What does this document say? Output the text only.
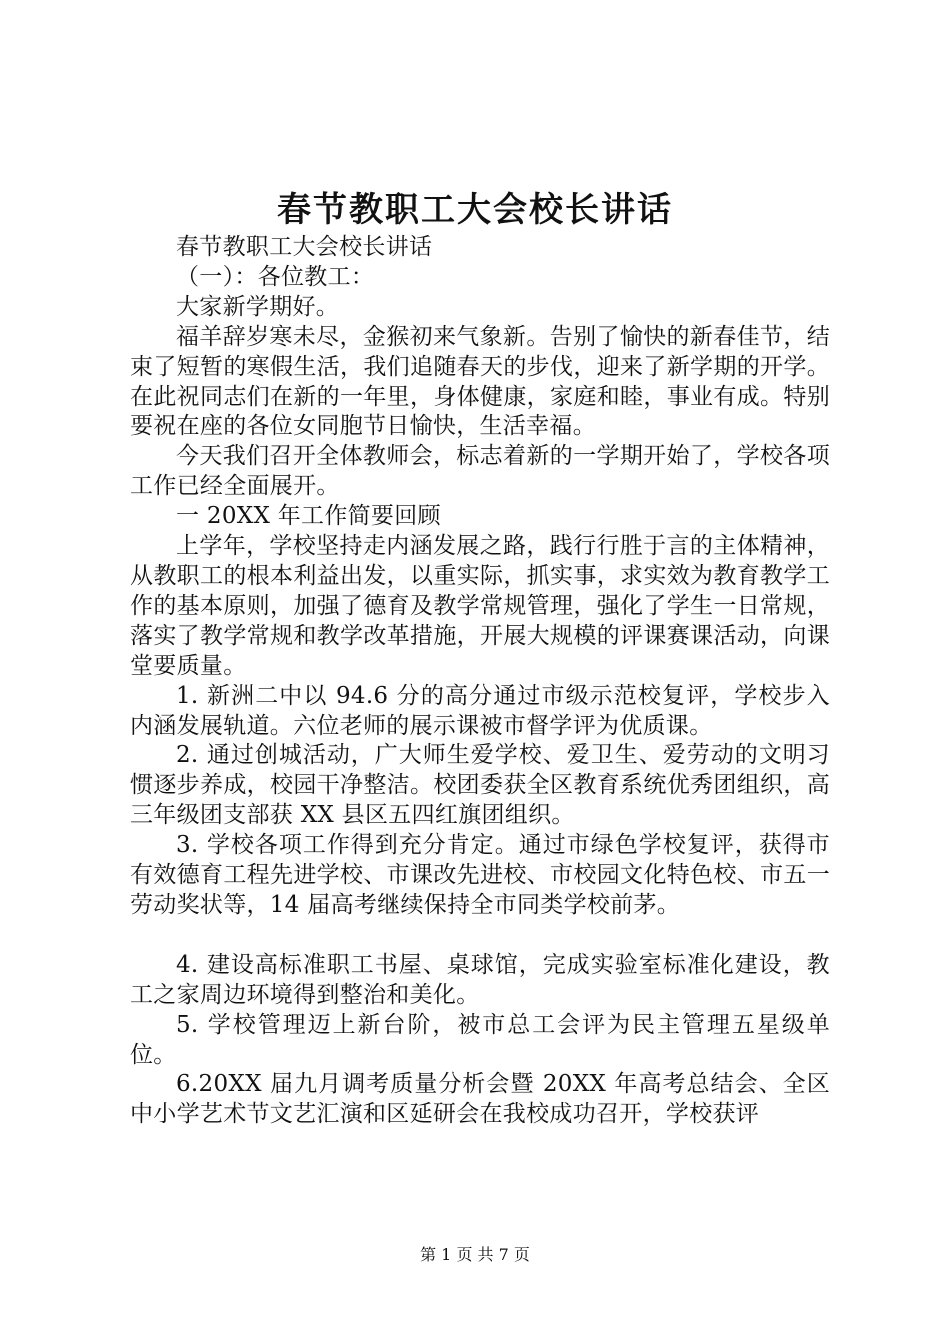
春节教职工大会校长讲话

春节教职工大会校长讲话

（一）：各位教工：

大家新学期好。

福羊辞岁寒未尽，金猴初来气象新。告别了愉快的新春佳节，结束了短暂的寒假生活，我们追随春天的步伐，迎来了新学期的开学。在此祝同志们在新的一年里，身体健康，家庭和睦，事业有成。特别要祝在座的各位女同胞节日愉快，生活幸福。

今天我们召开全体教师会，标志着新的一学期开始了，学校各项工作已经全面展开。

一 20XX 年工作简要回顾

上学年，学校坚持走内涵发展之路，践行行胜于言的主体精神，从教职工的根本利益出发，以重实际，抓实事，求实效为教育教学工作的基本原则，加强了德育及教学常规管理，强化了学生一日常规，落实了教学常规和教学改革措施，开展大规模的评课赛课活动，向课堂要质量。

1. 新洲二中以 94.6 分的高分通过市级示范校复评，学校步入内涵发展轨道。六位老师的展示课被市督学评为优质课。

2. 通过创城活动，广大师生爱学校、爱卫生、爱劳动的文明习惯逐步养成，校园干净整洁。校团委获全区教育系统优秀团组织，高三年级团支部获 XX 县区五四红旗团组织。

3. 学校各项工作得到充分肯定。通过市绿色学校复评，获得市有效德育工程先进学校、市课改先进校、市校园文化特色校、市五一劳动奖状等，14 届高考继续保持全市同类学校前茅。

4. 建设高标准职工书屋、桌球馆，完成实验室标准化建设，教工之家周边环境得到整治和美化。

5. 学校管理迈上新台阶，被市总工会评为民主管理五星级单位。

6.20XX 届九月调考质量分析会暨 20XX 年高考总结会、全区中小学艺术节文艺汇演和区延研会在我校成功召开，学校获评

第 1 页 共 7 页
